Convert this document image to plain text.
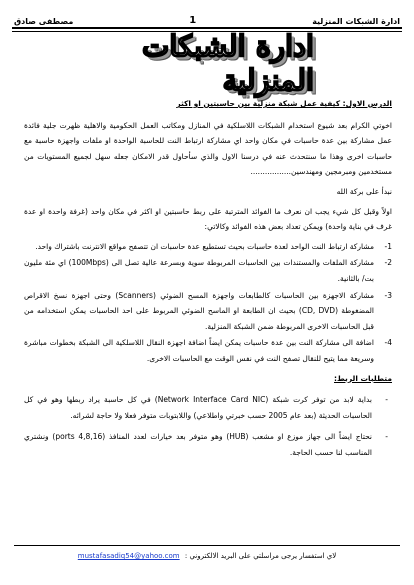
ادارة الشبكات المنزلية
1
مصطفى صادق
ادارة الشبكات المنزلية
الدرس الاول: كيفية عمل شبكة منزلية بين حاسبتين او اكثر

اخوتي الكرام بعد شيوع استخدام الشبكات اللاسلكية في المنازل ومكاتب العمل الحكومية والاهلية ظهرت جلية فائدة عمل مشاركة بين عدة حاسبات في مكان واحد اي مشاركة ارتباط النت للحاسبة الواحدة او ملفات واجهزة حاسبة مع حاسبات اخرى وهذا ما سنتحدث عنه في درسنا الاول والذي سأحاول قدر الامكان جعله سهل لجميع المستويات من مستخدمين ومبرمجين ومهندسين.................

نبدأ على بركة الله

اولاً وقبل كل شيء يجب ان نعرف ما الفوائد المترتبة على ربط حاسبتين او اكثر في مكان واحد (غرفة واحدة او عدة غرف في بناية واحدة) ويمكن تعداد بعض هذه الفوائد وكالاتي:

1-
مشاركة ارتباط النت الواحد لعدة حاسبات بحيث تستطيع عدة حاسبات ان تتصفح مواقع الانترنت باشتراك واحد.
2-
مشاركة الملفات والمستندات بين الحاسبات المربوطة سوية وبسرعة عالية تصل الى (100Mbps) اي مئة مليون بت/ بالثانية.
3-
مشاركة الاجهزة بين الحاسبات كالطابعات واجهزة المسح الضوئي (Scanners) وحتى اجهزة نسخ الاقراص المضغوطة (CD, DVD) بحيث ان الطابعة او الماسح الضوئي المربوط على احد الحاسبات يمكن استخدامه من قبل الحاسبات الاخرى المربوطة ضمن الشبكة المنزلية.
4-
اضافة الى مشاركة النت بين عدة حاسبات يمكن ايضاً اضافة اجهزة النقال اللاسلكية الى الشبكة بخطوات مباشرة وسريعة مما يتيح للنقال تصفح النت في نفس الوقت مع الحاسبات الاخرى.
متطلبات الربط:
-
بداية لابد من توفر كرت شبكة (Network Interface Card NIC) في كل حاسبة يراد ربطها وهو في كل الحاسبات الحديثة (بعد عام 2005 حسب خبرتي واطلاعي) واللابتوبات متوفر فعلا ولا حاجة لشرائه.
-
نحتاج ايضاً الى جهاز موزع او مشعب (HUB) وهو متوفر بعد خيارات لعدد المنافذ (4,8,16 ports) ونشتري المناسب لنا حسب الحاجة.
لاي استفسار يرجى مراسلتي على البريد الالكتروني : mustafasadiq54@yahoo.com
